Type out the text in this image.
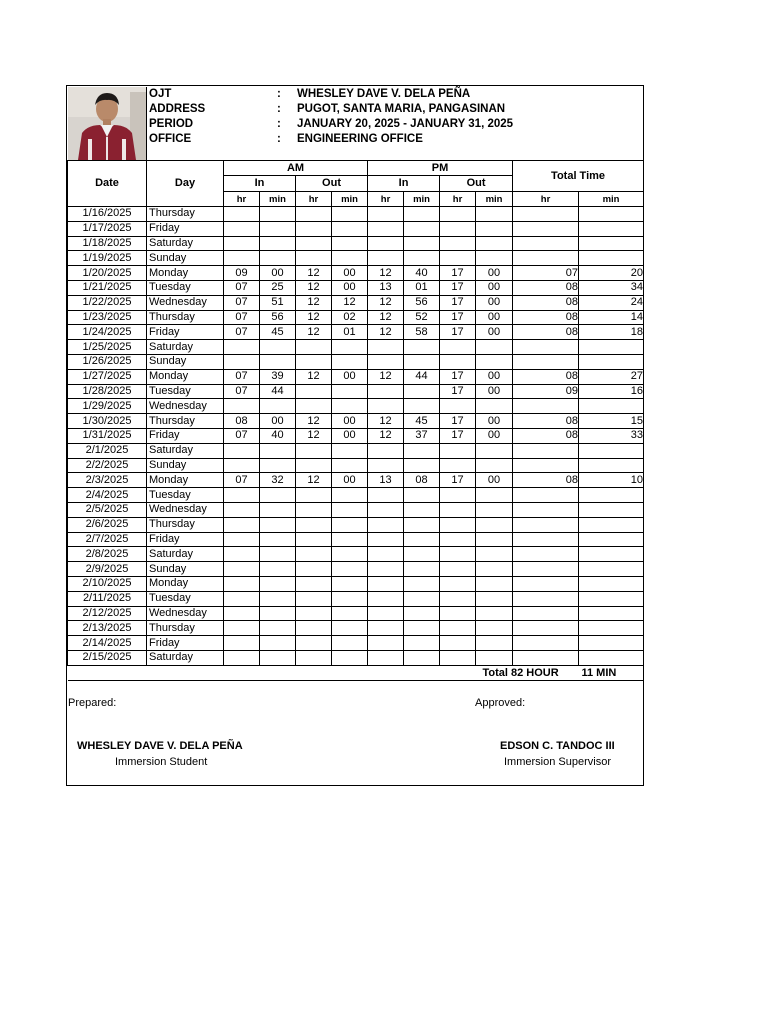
OJT	: WHESLEY DAVE V. DELA PEÑA
ADDRESS	: PUGOT, SANTA MARIA, PANGASINAN
PERIOD	: JANUARY 20, 2025 - JANUARY 31, 2025
OFFICE	: ENGINEERING OFFICE
Date	Day	AM				PM				Total Time	
		In		Out		In		Out			
		hr	min	hr	min	hr	min	hr	min	hr	min
1/16/2025	Thursday										
1/17/2025	Friday										
1/18/2025	Saturday										
1/19/2025	Sunday										
1/20/2025	Monday	09	00	12	00	12	40	17	00	07	20
1/21/2025	Tuesday	07	25	12	00	13	01	17	00	08	34
1/22/2025	Wednesday	07	51	12	12	12	56	17	00	08	24
1/23/2025	Thursday	07	56	12	02	12	52	17	00	08	14
1/24/2025	Friday	07	45	12	01	12	58	17	00	08	18
1/25/2025	Saturday										
1/26/2025	Sunday										
1/27/2025	Monday	07	39	12	00	12	44	17	00	08	27
1/28/2025	Tuesday	07	44					17	00	09	16
1/29/2025	Wednesday										
1/30/2025	Thursday	08	00	12	00	12	45	17	00	08	15
1/31/2025	Friday	07	40	12	00	12	37	17	00	08	33
2/1/2025	Saturday										
2/2/2025	Sunday										
2/3/2025	Monday	07	32	12	00	13	08	17	00	08	10
2/4/2025	Tuesday										
2/5/2025	Wednesday										
2/6/2025	Thursday										
2/7/2025	Friday										
2/8/2025	Saturday										
2/9/2025	Sunday										
2/10/2025	Monday										
2/11/2025	Tuesday										
2/12/2025	Wednesday										
2/13/2025	Thursday										
2/14/2025	Friday										
2/15/2025	Saturday										

Total 82 HOUR 11 MIN											
Prepared:	Approved:
WHESLEY DAVE V. DELA PEÑA
Immersion Student
EDSON C. TANDOC III
Immersion Supervisor
